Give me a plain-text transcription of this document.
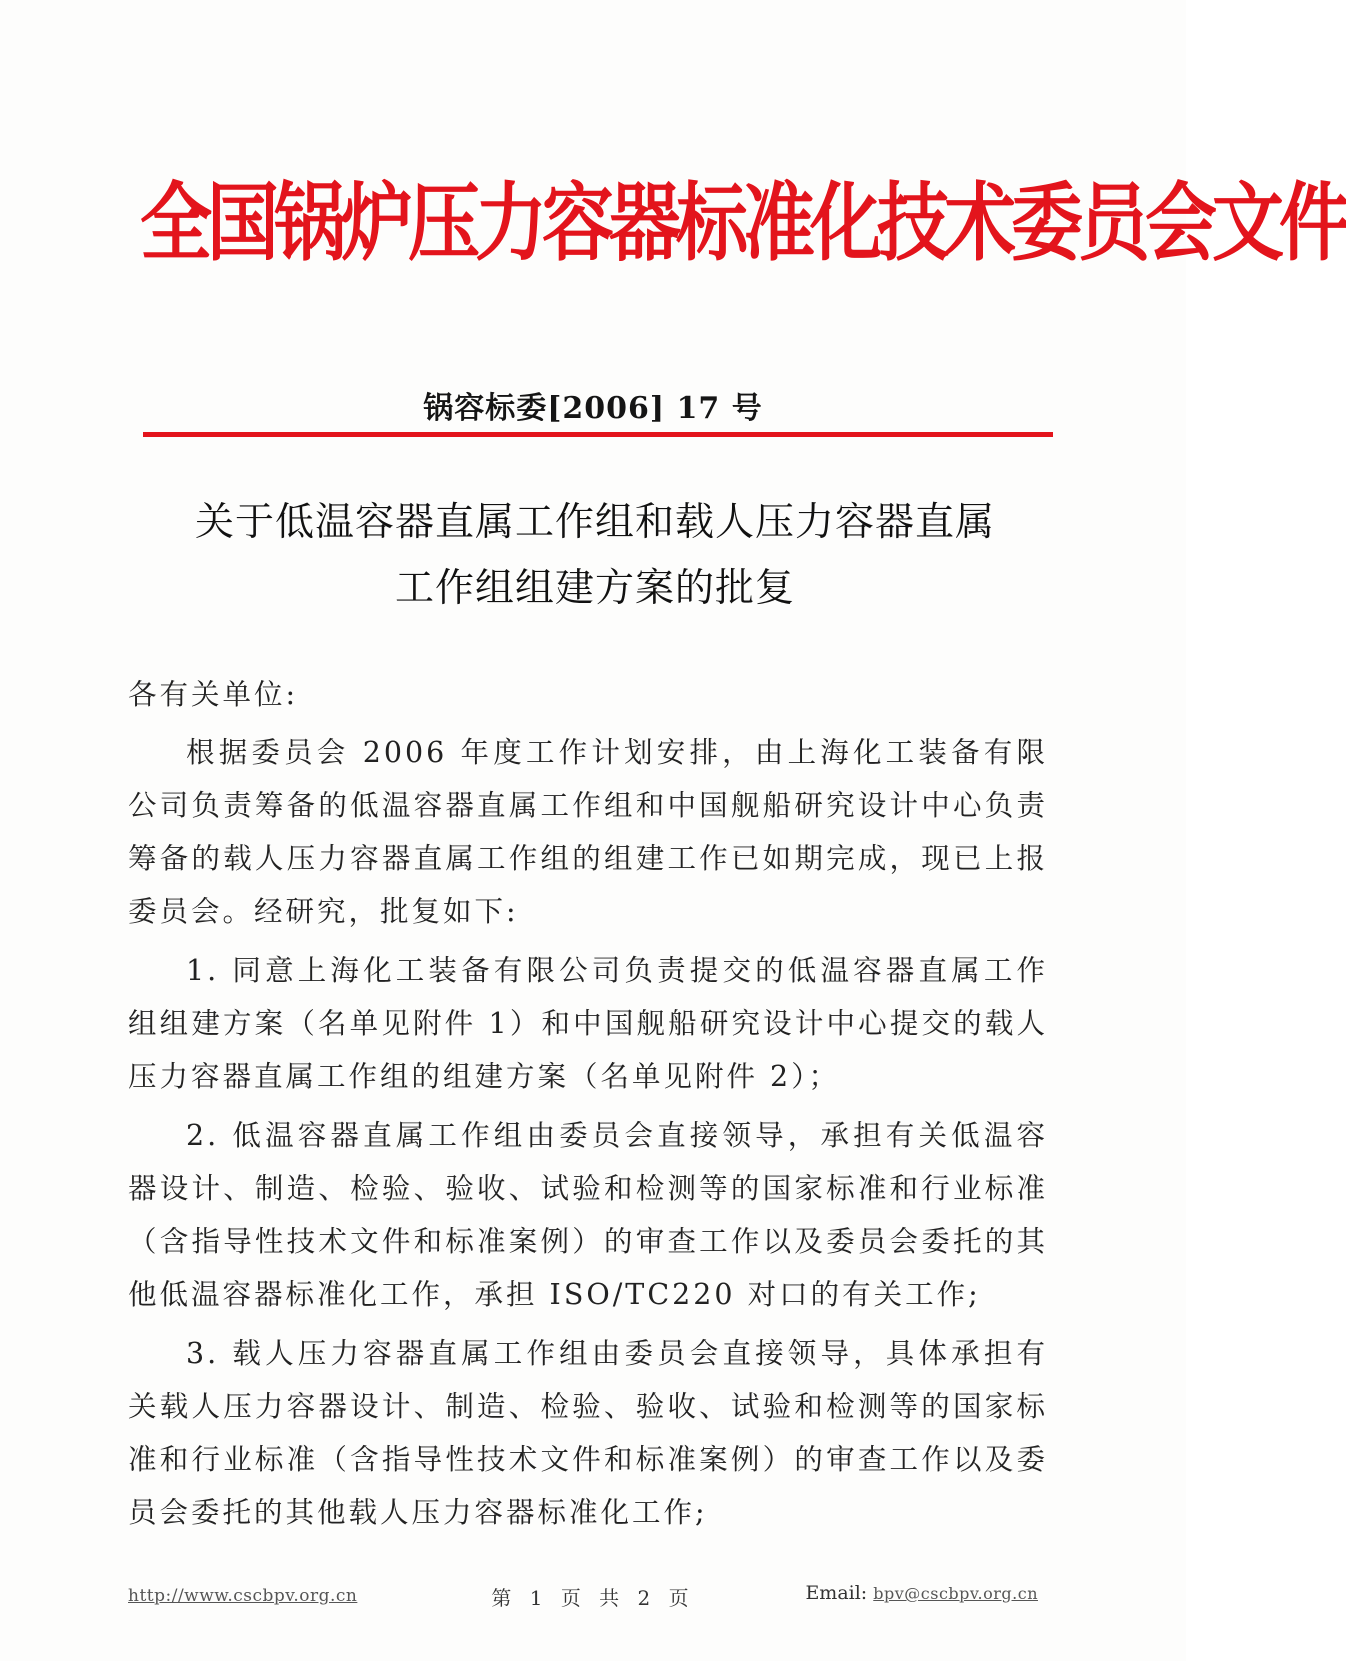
全国锅炉压力容器标准化技术委员会文件
锅容标委[2006] 17 号
关于低温容器直属工作组和载人压力容器直属
工作组组建方案的批复

各有关单位:

根据委员会 2006 年度工作计划安排，由上海化工装备有限公司负责筹备的低温容器直属工作组和中国舰船研究设计中心负责筹备的载人压力容器直属工作组的组建工作已如期完成，现已上报委员会。经研究，批复如下:

1. 同意上海化工装备有限公司负责提交的低温容器直属工作组组建方案（名单见附件 1）和中国舰船研究设计中心提交的载人压力容器直属工作组的组建方案（名单见附件 2）；

2. 低温容器直属工作组由委员会直接领导，承担有关低温容器设计、制造、检验、验收、试验和检测等的国家标准和行业标准（含指导性技术文件和标准案例）的审查工作以及委员会委托的其他低温容器标准化工作，承担 ISO/TC220 对口的有关工作;

3. 载人压力容器直属工作组由委员会直接领导，具体承担有关载人压力容器设计、制造、检验、验收、试验和检测等的国家标准和行业标准（含指导性技术文件和标准案例）的审查工作以及委员会委托的其他载人压力容器标准化工作;

http://www.cscbpv.org.cn	第 1 页 共 2 页	Email: bpv@cscbpv.org.cn
